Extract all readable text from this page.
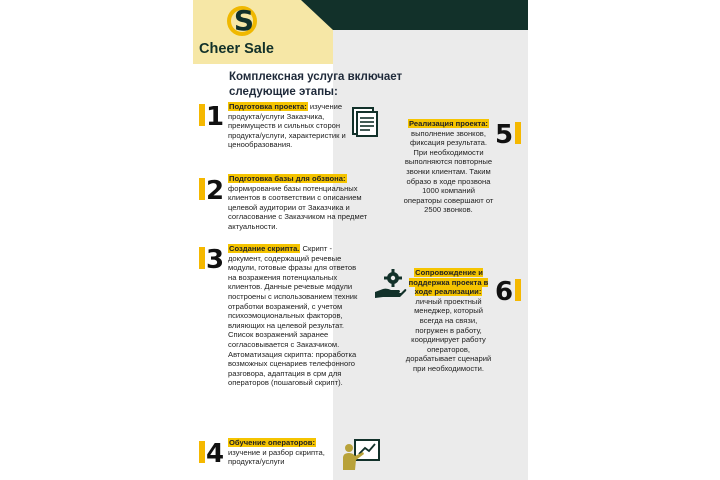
S
Cheer Sale
Комплексная услуга включает следующие этапы:
1 Подготовка проекта: изучение продукта/услуги Заказчика, преимуществ и сильных сторон продукта/услуги, характеристик и ценообразования.
2 Подготовка базы для обзвона: формирование базы потенциальных клиентов в соответствии с описанием целевой аудитории от Заказчика и согласование с Заказчиком на предмет актуальности.
3 Создание скрипта. Скрипт - документ, содержащий речевые модули, готовые фразы для ответов на возражения потенциальных клиентов. Данные речевые модули построены с использованием техник отработки возражений, с учетом психоэмоциональных факторов, влияющих на целевой результат. Список возражений заранее согласовывается с Заказчиком. Автоматизация скрипта: проработка возможных сценариев телефонного разговора, адаптация в срм для операторов (пошаговый скрипт).
4 Обучение операторов: изучение и разбор скрипта, продукта/услуги
5
Реализация проекта: выполнение звонков, фиксация результата. При необходимости выполняются повторные звонки клиентам. Таким образо в ходе прозвона 1000 компаний операторы совершают от 2500 звонков.
6
Сопровождение и поддержка проекта в ходе реализации: личный проектный менеджер, который всегда на связи, погружен в работу, координирует работу операторов, дорабатывает сценарий при необходимости.
